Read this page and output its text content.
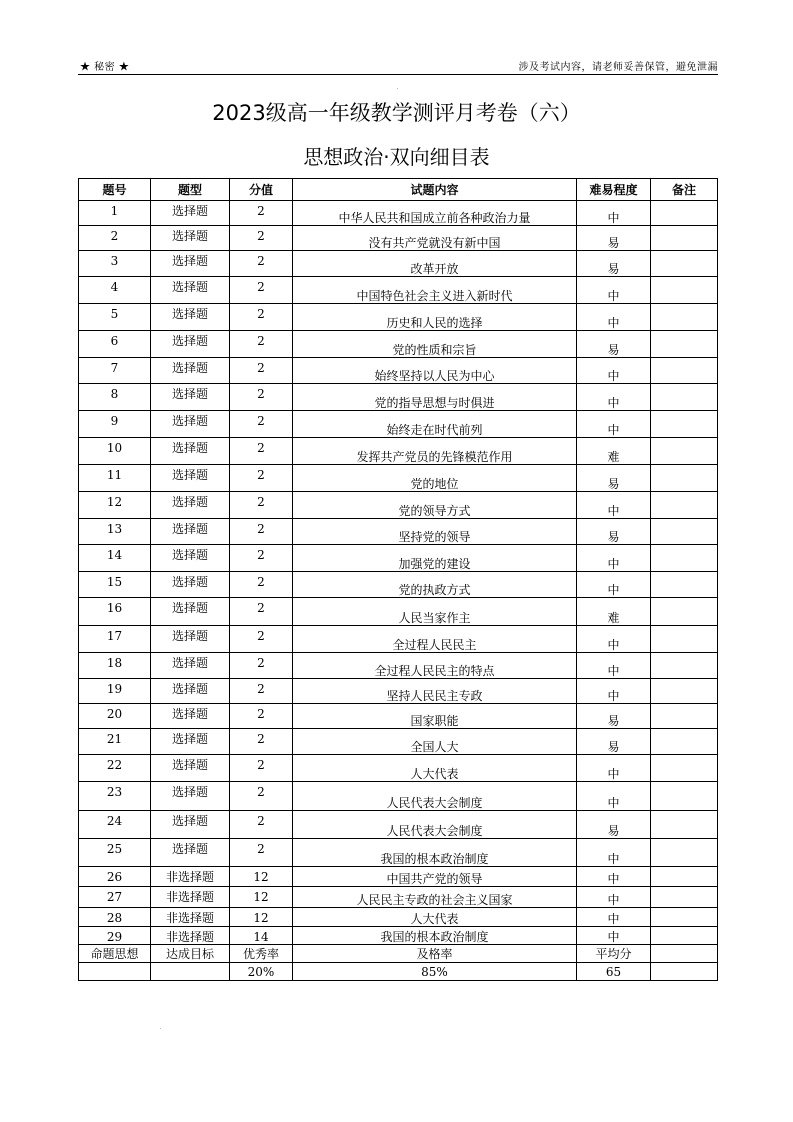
★ 秘密 ★	涉及考试内容，请老师妥善保管，避免泄漏
2023级高一年级教学测评月考卷（六）
思想政治·双向细目表
题号	题型	分值	试题内容	难易程度	备注
1	选择题	2	中华人民共和国成立前各种政治力量	中	
2	选择题	2	没有共产党就没有新中国	易	
3	选择题	2	改革开放	易	
4	选择题	2	中国特色社会主义进入新时代	中	
5	选择题	2	历史和人民的选择	中	
6	选择题	2	党的性质和宗旨	易	
7	选择题	2	始终坚持以人民为中心	中	
8	选择题	2	党的指导思想与时俱进	中	
9	选择题	2	始终走在时代前列	中	
10	选择题	2	发挥共产党员的先锋模范作用	难	
11	选择题	2	党的地位	易	
12	选择题	2	党的领导方式	中	
13	选择题	2	坚持党的领导	易	
14	选择题	2	加强党的建设	中	
15	选择题	2	党的执政方式	中	
16	选择题	2	人民当家作主	难	
17	选择题	2	全过程人民民主	中	
18	选择题	2	全过程人民民主的特点	中	
19	选择题	2	坚持人民民主专政	中	
20	选择题	2	国家职能	易	
21	选择题	2	全国人大	易	
22	选择题	2	人大代表	中	
23	选择题	2	人民代表大会制度	中	
24	选择题	2	人民代表大会制度	易	
25	选择题	2	我国的根本政治制度	中	
26	非选择题	12	中国共产党的领导	中	
27	非选择题	12	人民民主专政的社会主义国家	中	
28	非选择题	12	人大代表	中	
29	非选择题	14	我国的根本政治制度	中	
命题思想	达成目标	优秀率	及格率	平均分	
		20%	85%	65	
